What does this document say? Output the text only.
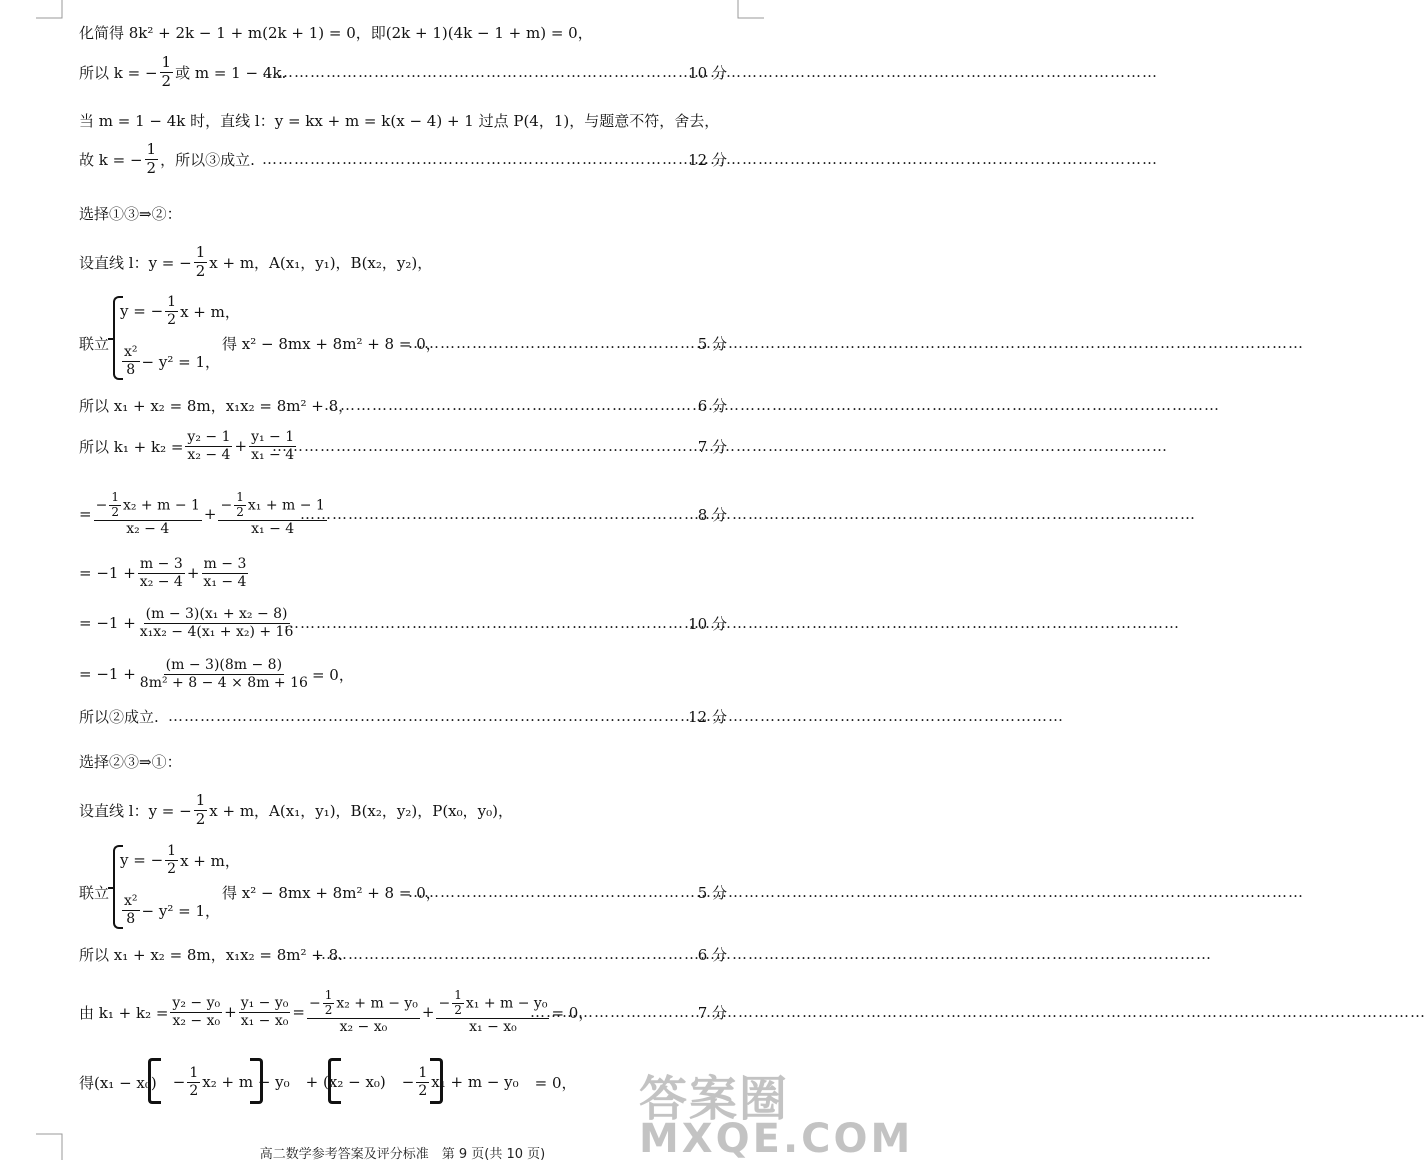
化简得 8k² + 2k − 1 + m(2k + 1) = 0，即(2k + 1)(4k − 1 + m) = 0，
所以 k = − $\frac{1}{2}$ 或 m = 1 − 4k. ……………………………………………………………………………………………………………………………………………………	10 分
当 m = 1 − 4k 时，直线 l：y = kx + m = k(x − 4) + 1 过点 P(4，1)，与题意不符，舍去，
故 k = − $\frac{1}{2}$ ，所以③成立. ……………………………………………………………………………………………………………………………………………………	12 分
选择①③⇒②：
设直线 l：y = − $\frac{1}{2}$ x + m，A(x₁，y₁)，B(x₂，y₂)，
联立
y = − $\frac{1}{2}$ x + m，
$\frac{\text{x²}}{8} - y^2 = 1$，
得 x² − 8mx + 8m² + 8 = 0， ……………………………………………………………………………………………………………………………………………………	5 分
所以 x₁ + x₂ = 8m，x₁x₂ = 8m² + 8， ……………………………………………………………………………………………………………………………………………………	6 分
所以 $k_1 + k_2 = \frac{\text{y₂ − 1}}{\text{x₂ − 4}} + \frac{\text{y₁ − 1}}{\text{x₁ − 4}}$ ……………………………………………………………………………………………………………………………………………………	7 分
= $\frac{- \frac{1}{2} x_2 + m - 1}{\text{x₂ − 4}} + \frac{- \frac{1}{2} x_1 + m - 1}{\text{x₁ − 4}}$ ……………………………………………………………………………………………………………………………………………………	8 分
= $-1 + \frac{m - 3}{\text{x₂ − 4}} + \frac{m - 3}{\text{x₁ − 4}}$
= $-1 + \frac{\text{(m − 3)(x₁ + x₂ − 8)}}{\text{x₁x₂ − 4(x₁ + x₂) + 16}}$ ……………………………………………………………………………………………………………………………………………………	10 分
= $-1 + \frac{(m - 3)(8m - 8)}{\text{8m² + 8 − 4 × 8m + 16}} = 0$，
所以②成立. ……………………………………………………………………………………………………………………………………………………	12 分
选择②③⇒①：
设直线 l：y = − $\frac{1}{2}$ x + m，A(x₁，y₁)，B(x₂，y₂)，P(x₀，y₀)，
联立
y = − $\frac{1}{2}$ x + m，
$\frac{\text{x²}}{8} - y^2 = 1$，
得 x² − 8mx + 8m² + 8 = 0， ……………………………………………………………………………………………………………………………………………………	5 分
所以 x₁ + x₂ = 8m，x₁x₂ = 8m² + 8. ……………………………………………………………………………………………………………………………………………………	6 分
由 $k_1 + k_2 = \frac{\text{y₂ − y₀}}{\text{x₂ − x₀}} + \frac{\text{y₁ − y₀}}{\text{x₁ − x₀}} = \frac{- \frac{1}{2} x_2 + m - y_0}{\text{x₂ − x₀}} + \frac{- \frac{1}{2} x_1 + m - y_0}{\text{x₁ − x₀}} = 0$， ……………………………………………………………………………………………………………………………………………………	7 分
得$(x_1 - x_0) - \frac{1}{2} x_2 + m - y_0 + (x_2 - x_0) - \frac{1}{2} x_1 + m - y_0 = 0$，
高二数学参考答案及评分标准　第 9 页(共 10 页)
答案圈
MXQE.COM
